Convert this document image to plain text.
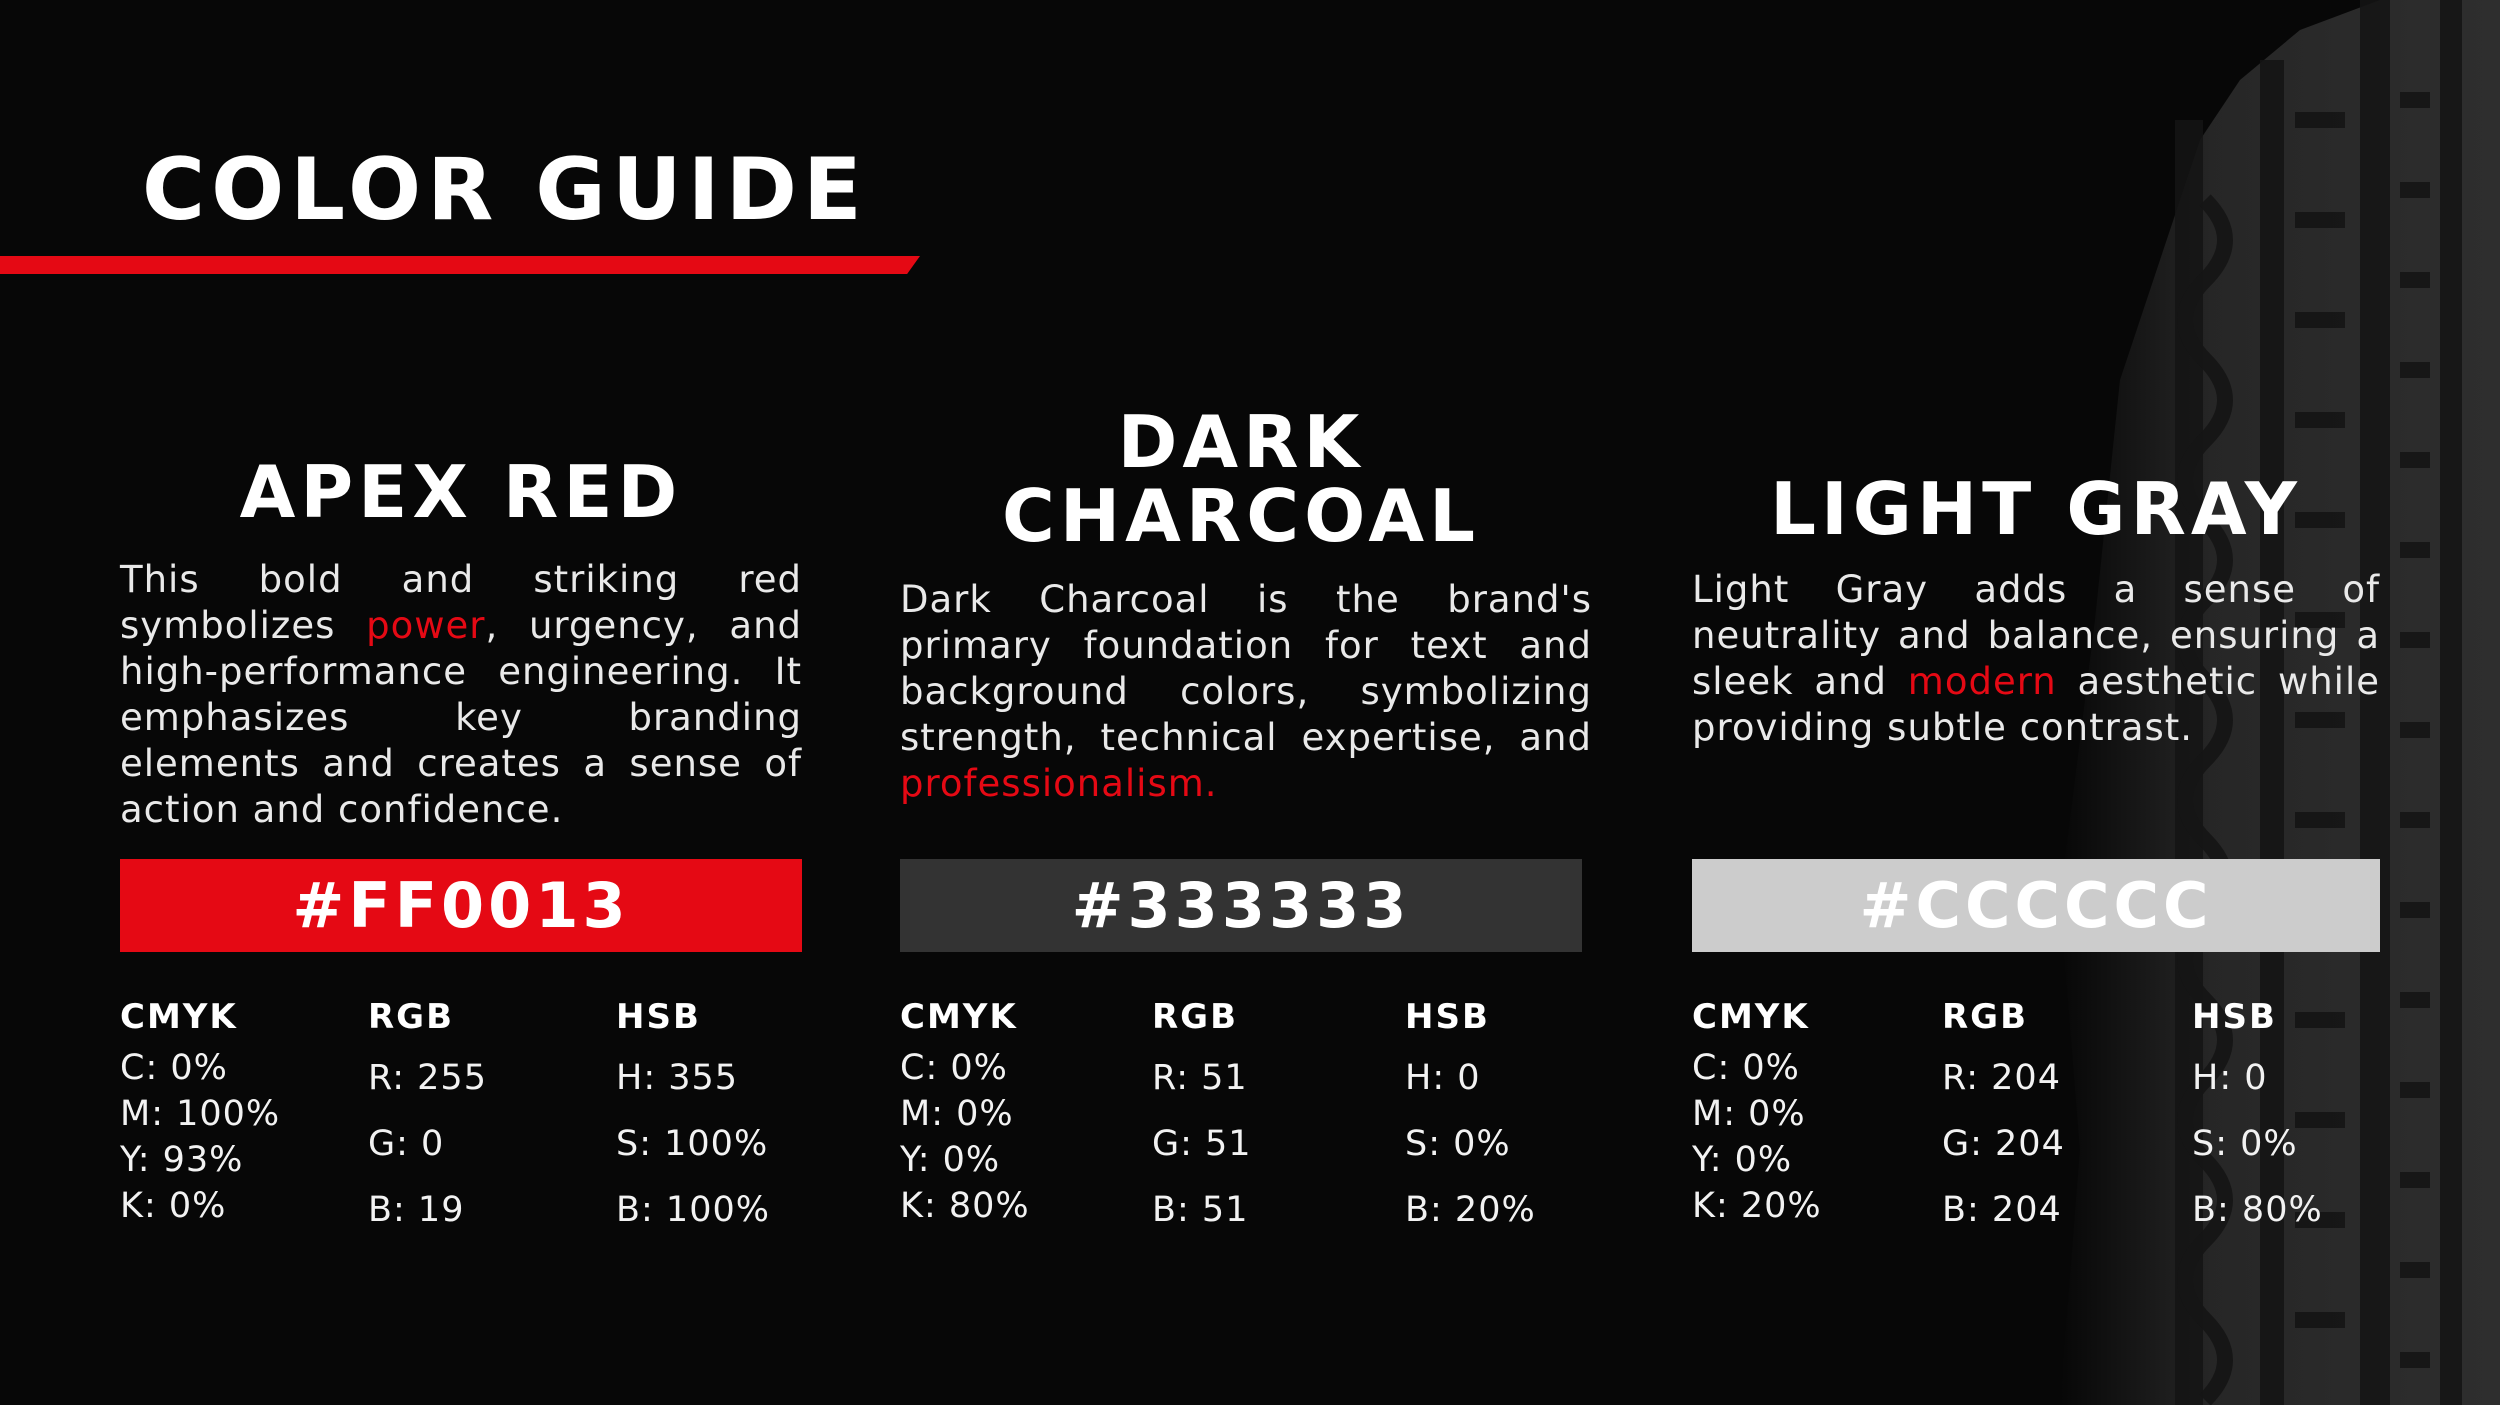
COLOR GUIDE
APEX RED

This bold and striking red symbolizes power, urgency, and high-performance engineering. It emphasizes key branding elements and creates a sense of action and confidence.

#FF0013

CMYK

C: 0%

M: 100%

Y: 93%

K: 0%

RGB

R: 255

G: 0

B: 19

HSB

H: 355

S: 100%

B: 100%

DARK
CHARCOAL

Dark Charcoal is the brand's primary foundation for text and background colors, symbolizing strength, technical expertise, and professionalism.

#333333

CMYK

C: 0%

M: 0%

Y: 0%

K: 80%

RGB

R: 51

G: 51

B: 51

HSB

H: 0

S: 0%

B: 20%

LIGHT GRAY

Light Gray adds a sense of neutrality and balance, ensuring a sleek and modern aesthetic while providing subtle contrast.

#CCCCCC

CMYK

C: 0%

M: 0%

Y: 0%

K: 20%

RGB

R: 204

G: 204

B: 204

HSB

H: 0

S: 0%

B: 80%
